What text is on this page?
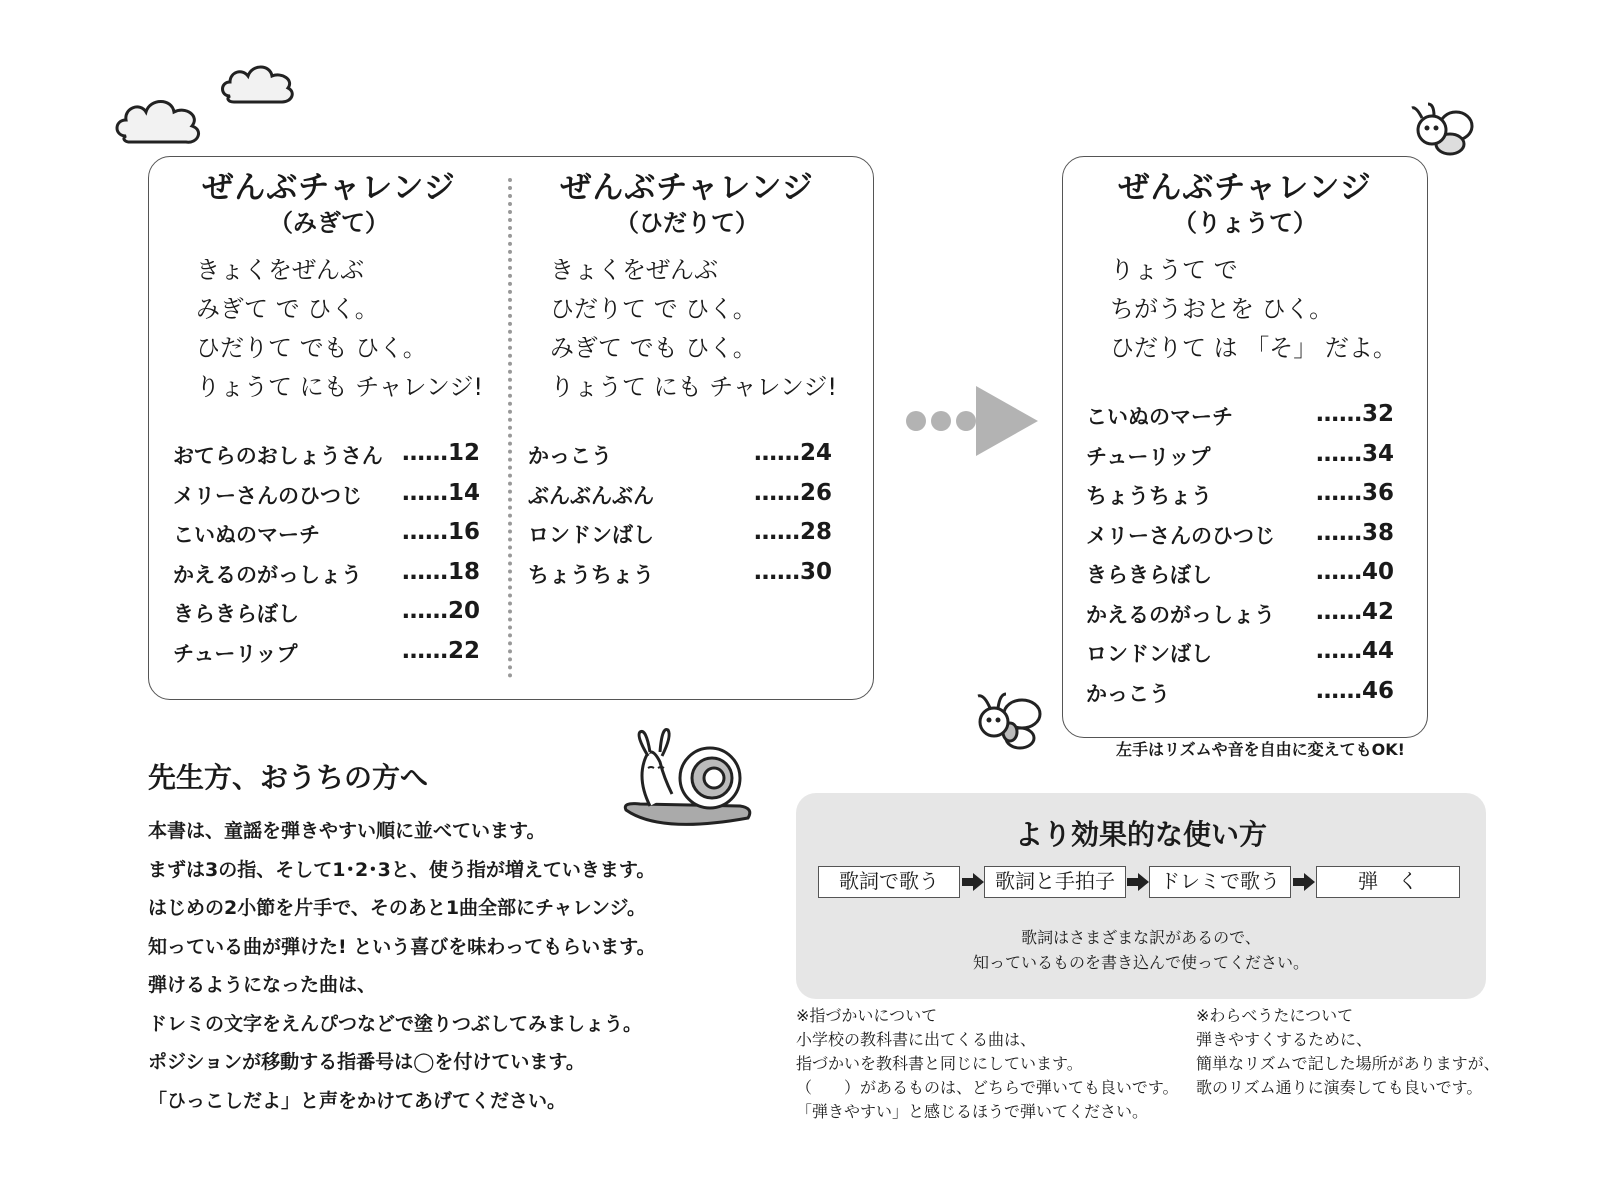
ぜんぶチャレンジ
（みぎて）
きょくをぜんぶ
みぎて で ひく。
ひだりて でも ひく。
りょうて にも チャレンジ!
おてらのおしょうさん ……12
メリーさんのひつじ ……14
こいぬのマーチ	……16
かえるのがっしょう ……18
きらきらぼし	……20
チューリップ	……22
ぜんぶチャレンジ
（ひだりて）
きょくをぜんぶ
ひだりて で ひく。
みぎて でも ひく。
りょうて にも チャレンジ!
かっこう	……24
ぶんぶんぶん	……26
ロンドンばし	……28
ちょうちょう	……30
ぜんぶチャレンジ
（りょうて）
りょうて で
ちがうおとを ひく。
ひだりて は 「そ」 だよ。
こいぬのマーチ	……32
チューリップ	……34
ちょうちょう	……36
メリーさんのひつじ ……38
きらきらぼし	……40
かえるのがっしょう ……42
ロンドンばし	……44
かっこう	……46
左手はリズムや音を自由に変えてもOK!
先生方、おうちの方へ
本書は、童謡を弾きやすい順に並べています。
まずは3の指、そして1･2･3と、使う指が増えていきます。
はじめの2小節を片手で、そのあと1曲全部にチャレンジ。
知っている曲が弾けた! という喜びを味わってもらいます。
弾けるようになった曲は、
ドレミの文字をえんぴつなどで塗りつぶしてみましょう。
ポジションが移動する指番号は◯を付けています。
「ひっこしだよ」と声をかけてあげてください。
より効果的な使い方
歌詞で歌う	歌詞と手拍子	ドレミで歌う	弾　く
歌詞はさまざまな訳があるので、
知っているものを書き込んで使ってください。
※指づかいについて
小学校の教科書に出てくる曲は、
指づかいを教科書と同じにしています。
（　　）があるものは、どちらで弾いても良いです。
「弾きやすい」と感じるほうで弾いてください。
※わらべうたについて
弾きやすくするために、
簡単なリズムで記した場所がありますが、
歌のリズム通りに演奏しても良いです。
